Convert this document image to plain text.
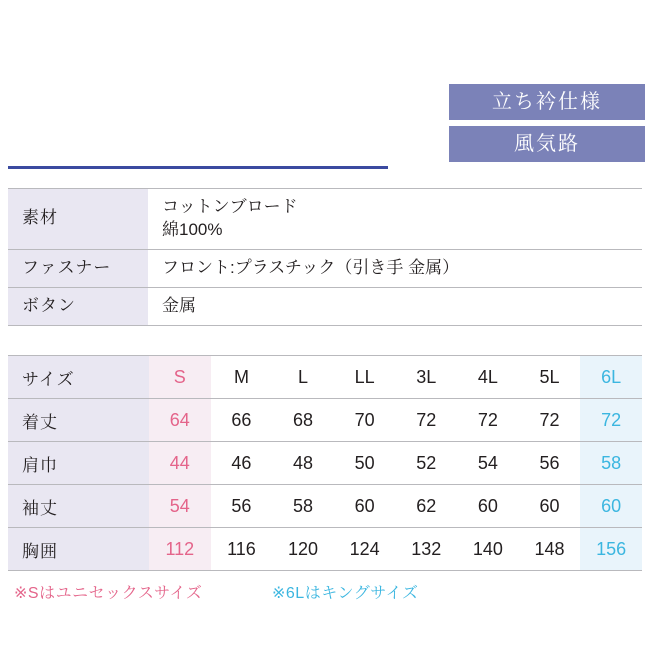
立ち衿仕様
風気路
素材	コットンブロード
綿100%

ファスナー	フロント:プラスチック（引き手 金属）
ボタン	金属
サイズ	S	M	L	LL	3L	4L	5L	6L
着丈	64	66	68	70	72	72	72	72
肩巾	44	46	48	50	52	54	56	58
袖丈	54	56	58	60	62	60	60	60
胸囲	112	116	120	124	132	140	148	156
※Sはユニセックスサイズ	※6Lはキングサイズ
